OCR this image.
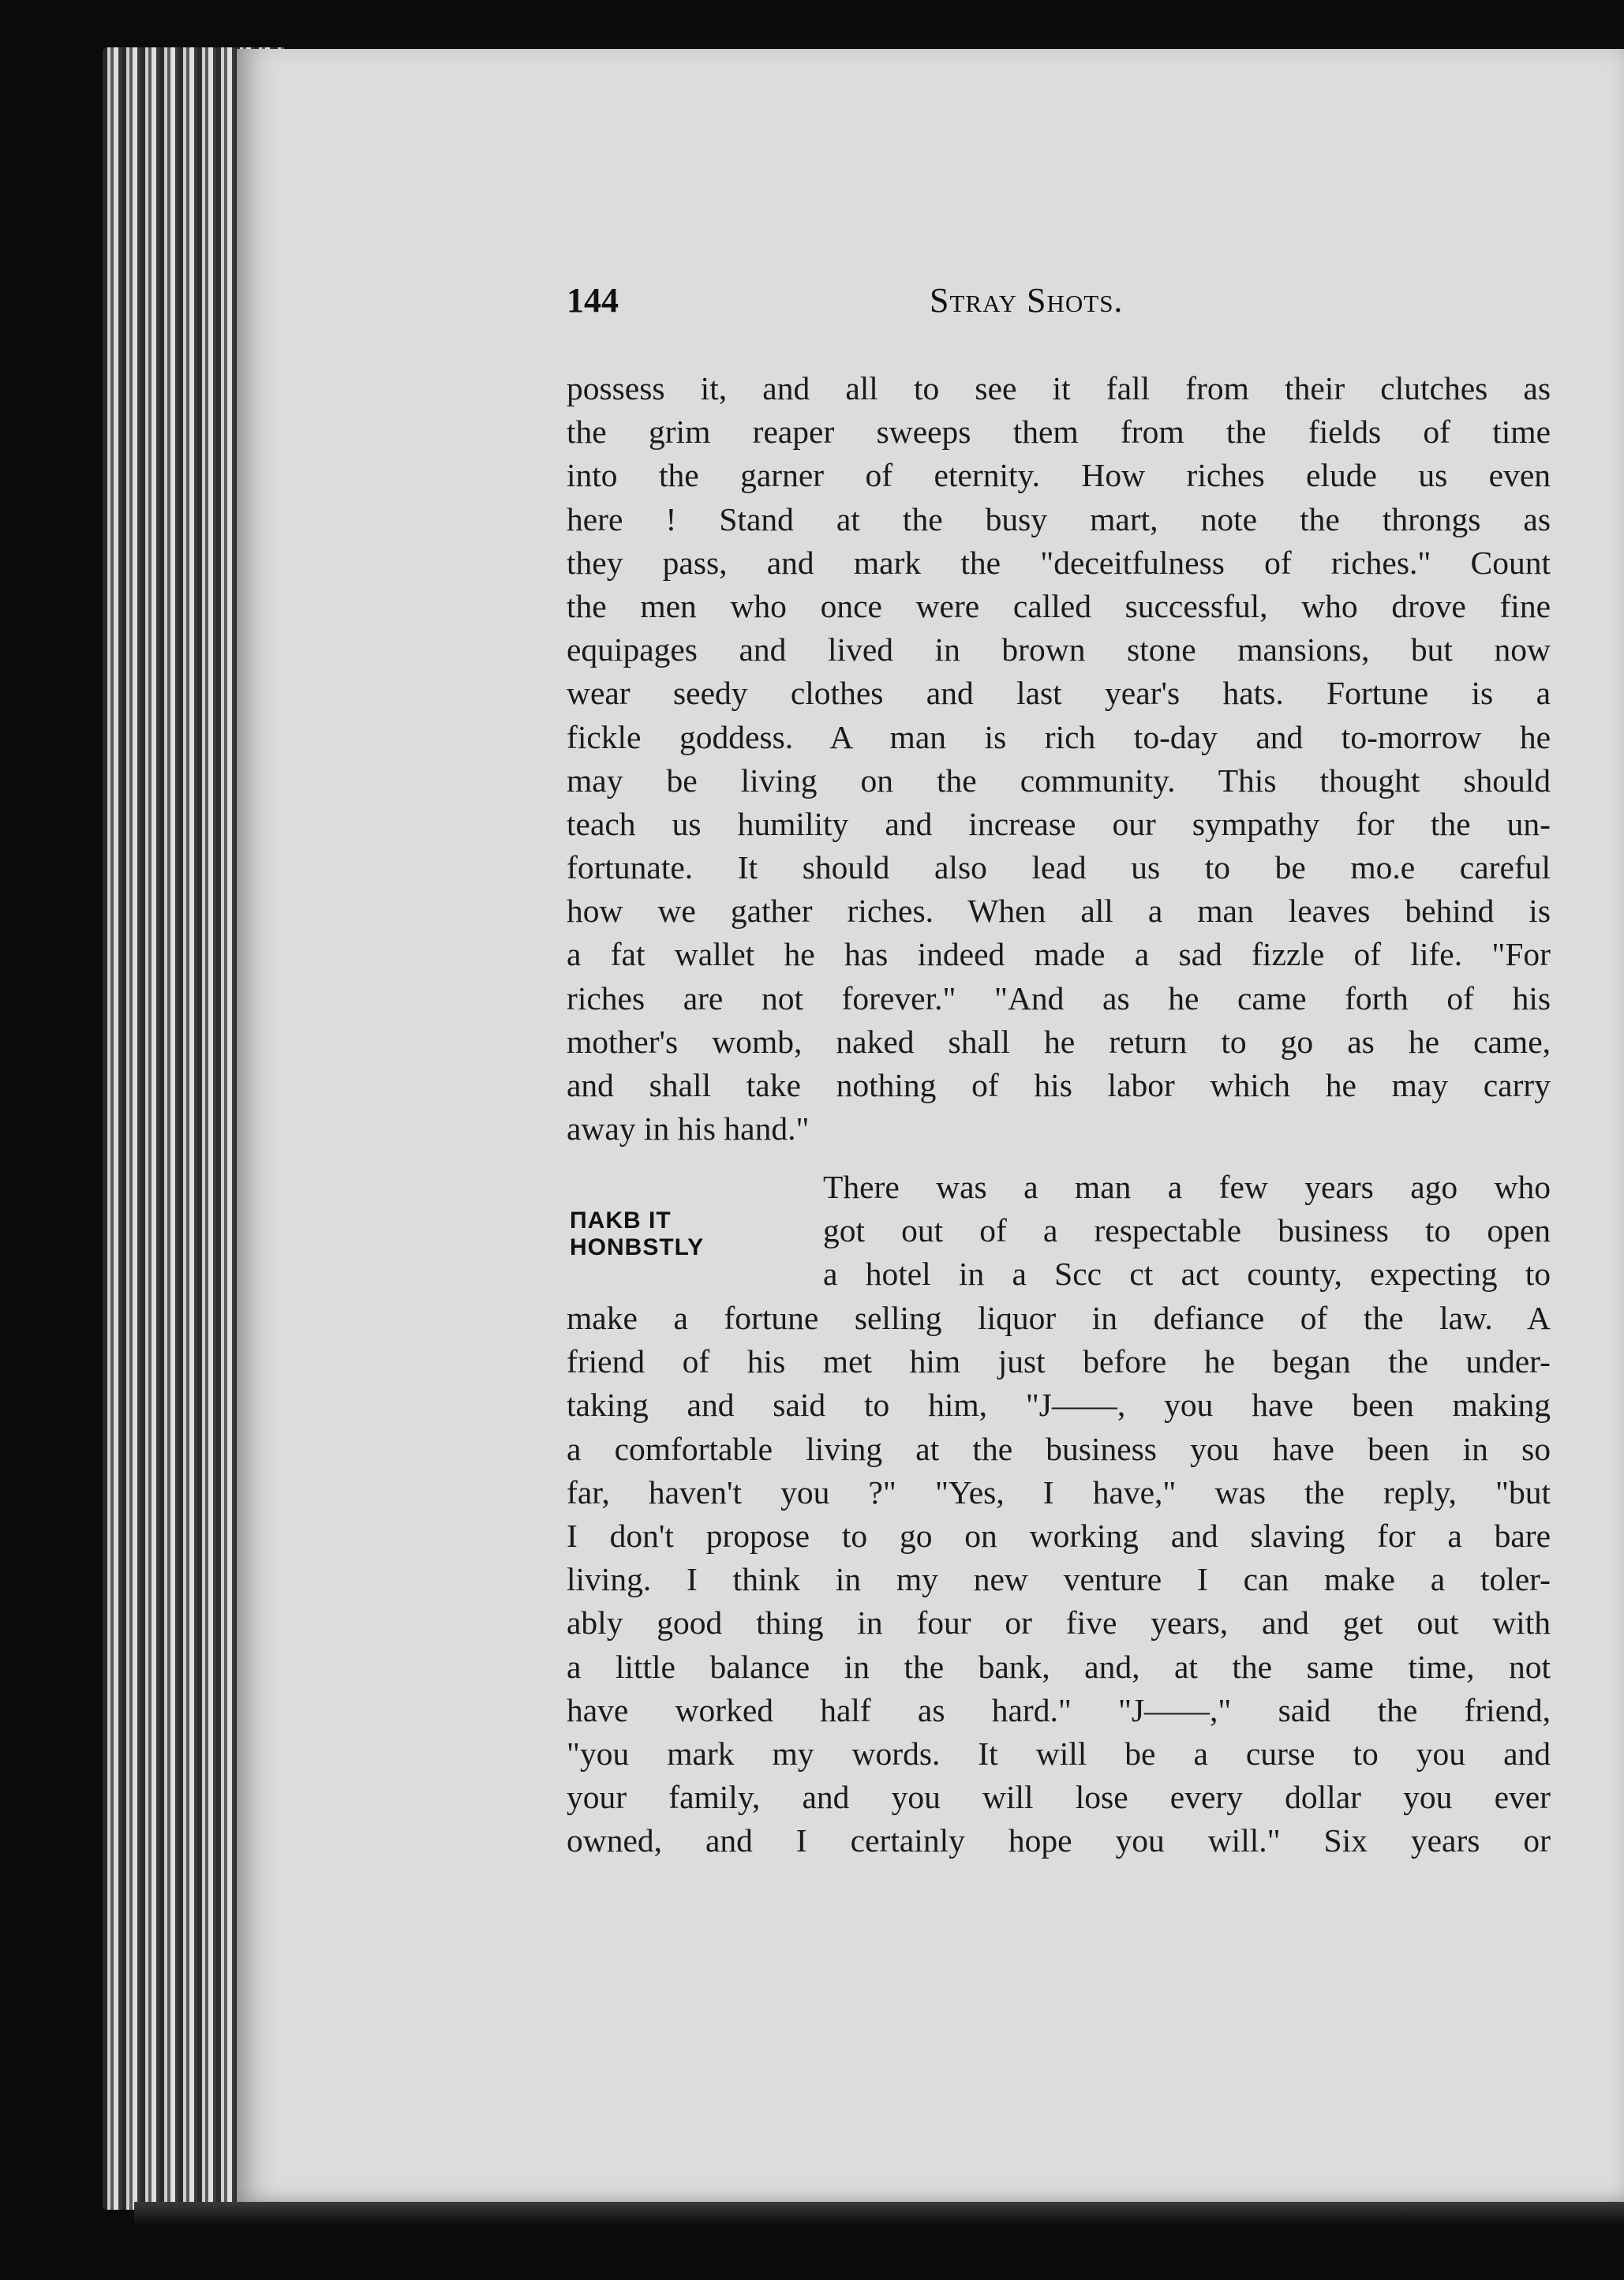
144	Stray Shots.
possess it, and all to see it fall from their clutches as
the grim reaper sweeps them from the fields of time
into the garner of eternity. How riches elude us even
here ! Stand at the busy mart, note the throngs as
they pass, and mark the "deceitfulness of riches." Count
the men who once were called successful, who drove fine
equipages and lived in brown stone mansions, but now
wear seedy clothes and last year's hats. Fortune is a
fickle goddess. A man is rich to-day and to-morrow he
may be living on the community. This thought should
teach us humility and increase our sympathy for the un-
fortunate. It should also lead us to be mo.e careful
how we gather riches. When all a man leaves behind is
a fat wallet he has indeed made a sad fizzle of life. "For
riches are not forever." "And as he came forth of his
mother's womb, naked shall he return to go as he came,
and shall take nothing of his labor which he may carry
away in his hand."
ΠAKB IT
HONBSTLY
There was a man a few years ago who
got out of a respectable business to open
a hotel in a Scc ct act county, expecting to
make a fortune selling liquor in defiance of the law. A
friend of his met him just before he began the under-
taking and said to him, "J——, you have been making
a comfortable living at the business you have been in so
far, haven't you ?" "Yes, I have," was the reply, "but
I don't propose to go on working and slaving for a bare
living. I think in my new venture I can make a toler-
ably good thing in four or five years, and get out with
a little balance in the bank, and, at the same time, not
have worked half as hard." "J——," said the friend,
"you mark my words. It will be a curse to you and
your family, and you will lose every dollar you ever
owned, and I certainly hope you will." Six years or
